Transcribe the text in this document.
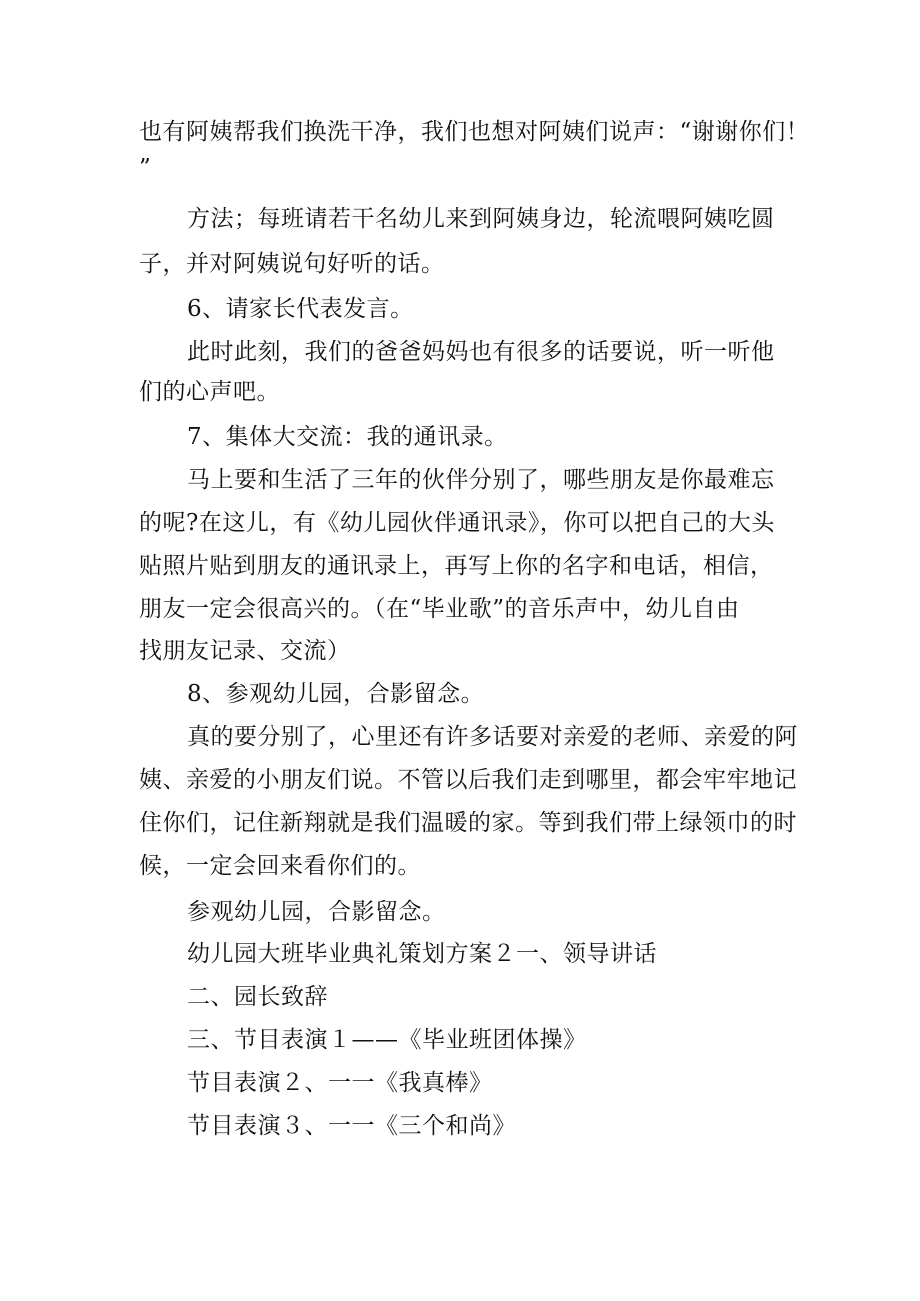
也有阿姨帮我们换洗干净，我们也想对阿姨们说声：“谢谢你们！
”
方法；每班请若干名幼儿来到阿姨身边，轮流喂阿姨吃圆
子，并对阿姨说句好听的话。
6、请家长代表发言。
此时此刻，我们的爸爸妈妈也有很多的话要说，听一听他
们的心声吧。
7、集体大交流：我的通讯录。
马上要和生活了三年的伙伴分别了，哪些朋友是你最难忘
的呢?在这儿，有《幼儿园伙伴通讯录》，你可以把自己的大头
贴照片贴到朋友的通讯录上，再写上你的名字和电话，相信，
朋友一定会很高兴的。（在“毕业歌”的音乐声中，幼儿自由
找朋友记录、交流）
8、参观幼儿园，合影留念。
真的要分别了，心里还有许多话要对亲爱的老师、亲爱的阿
姨、亲爱的小朋友们说。不管以后我们走到哪里，都会牢牢地记
住你们，记住新翔就是我们温暖的家。等到我们带上绿领巾的时
候，一定会回来看你们的。
参观幼儿园，合影留念。
幼儿园大班毕业典礼策划方案２一、领导讲话
二、园长致辞
三、节目表演１——《毕业班团体操》
节目表演２、一一《我真棒》
节目表演３、一一《三个和尚》
